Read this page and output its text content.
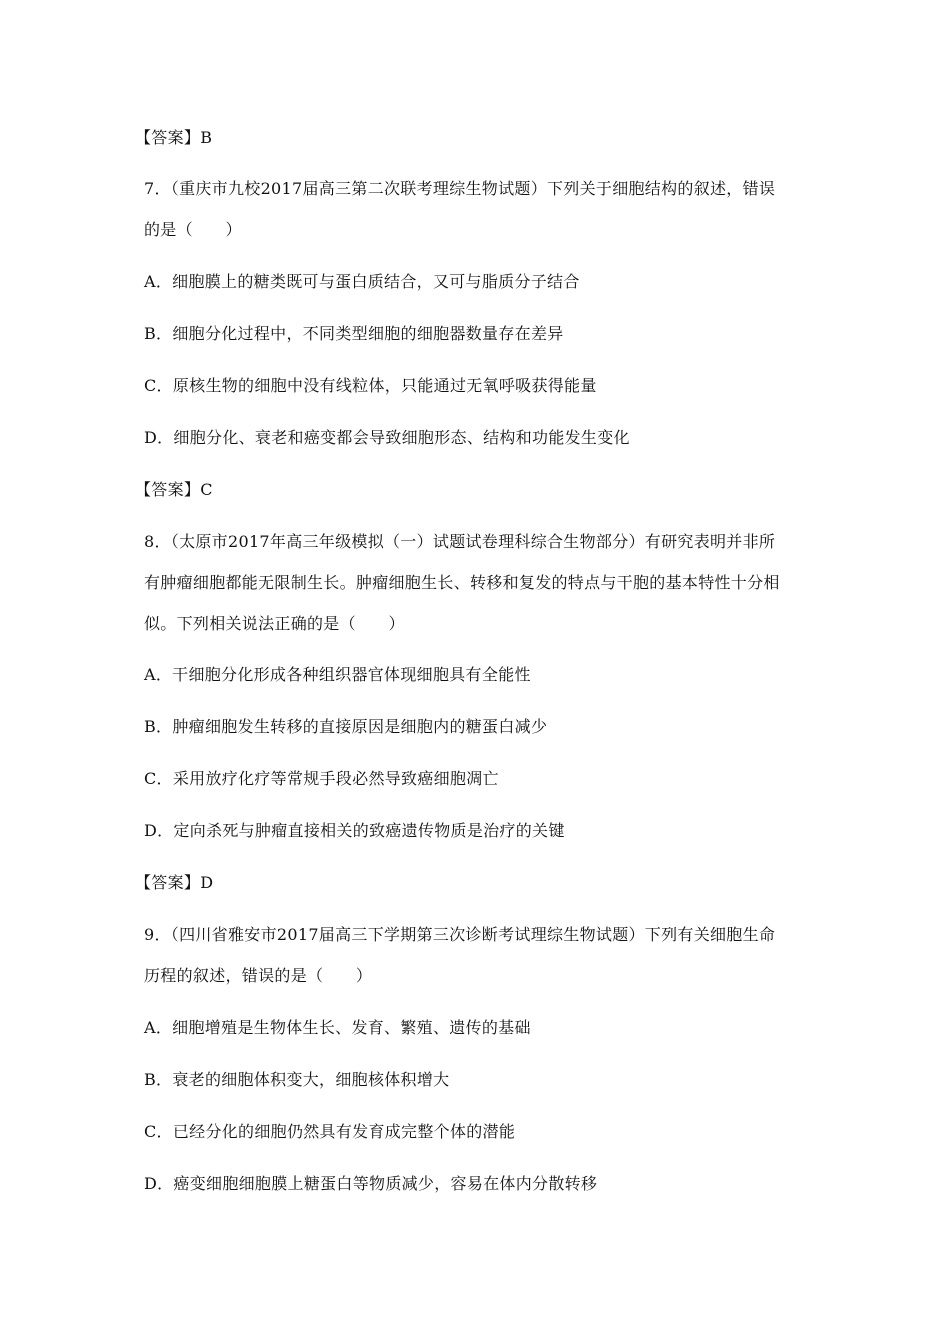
【答案】B
7．（重庆市九校2017届高三第二次联考理综生物试题）下列关于细胞结构的叙述，错误
的是（　　）
A．细胞膜上的糖类既可与蛋白质结合，又可与脂质分子结合
B．细胞分化过程中，不同类型细胞的细胞器数量存在差异
C．原核生物的细胞中没有线粒体，只能通过无氧呼吸获得能量
D．细胞分化、衰老和癌变都会导致细胞形态、结构和功能发生变化
【答案】C
8．（太原市2017年高三年级模拟（一）试题试卷理科综合生物部分）有研究表明并非所
有肿瘤细胞都能无限制生长。肿瘤细胞生长、转移和复发的特点与干胞的基本特性十分相
似。下列相关说法正确的是（　　）
A．干细胞分化形成各种组织器官体现细胞具有全能性
B．肿瘤细胞发生转移的直接原因是细胞内的糖蛋白减少
C．采用放疗化疗等常规手段必然导致癌细胞凋亡
D．定向杀死与肿瘤直接相关的致癌遗传物质是治疗的关键
【答案】D
9．（四川省雅安市2017届高三下学期第三次诊断考试理综生物试题）下列有关细胞生命
历程的叙述，错误的是（　　）
A．细胞增殖是生物体生长、发育、繁殖、遗传的基础
B．衰老的细胞体积变大，细胞核体积增大
C．已经分化的细胞仍然具有发育成完整个体的潜能
D．癌变细胞细胞膜上糖蛋白等物质减少，容易在体内分散转移
